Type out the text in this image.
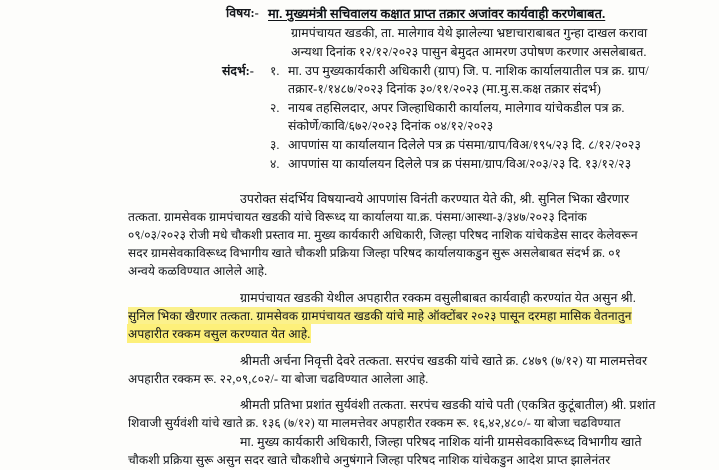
विषय:- मा. मुख्यमंत्री सचिवालय कक्षात प्राप्त तक्रार अजांवर कार्यवाही करणेबाबत.
ग्रामपंचायत खडकी, ता. मालेगाव येथे झालेल्या भ्रष्टाचाराबाबत गुन्हा दाखल करावा
अन्यथा दिनांक १२/१२/२०२३ पासुन बेमुदत आमरण उपोषण करणार असलेबाबत.
संदर्भ:- १. मा. उप मुख्यकार्यकारी अधिकारी (ग्राप) जि. प. नाशिक कार्यालयातील पत्र क्र. ग्राप/
तक्रार-१/१४८७/२०२३ दिनांक ३०/११/२०२३ (मा.मु.स.कक्ष तक्रार संदर्भ)
२. नायब तहसिलदार, अपर जिल्हाधिकारी कार्यालय, मालेगाव यांचेकडील पत्र क्र.
संकोर्णे/कावि/६७२/२०२३ दिनांक ०४/१२/२०२३
३. आपणांस या कार्यालयान दिलेले पत्र क्र पंसमा/ग्राप/विअ/१९५/२३ दि. ८/१२/२०२३
४. आपणांस या कार्यालयन दिलेले पत्र क्र पंसमा/ग्राप/विअ/२०३/२३ दि. १३/१२/२३
उपरोक्त संदर्भिय विषयान्वये आपणांस विनंती करण्यात येते की, श्री. सुनिल भिका खैरणार
तत्कता. ग्रामसेवक ग्रामपंचायत खडकी यांचे विरूध्द या कार्यालया या.क्र. पंसमा/आस्था-३/३४७/२०२३ दिनांक
०९/०३/२०२३ रोजी मधे चौकशी प्रस्ताव मा. मुख्य कार्यकारी अधिकारी, जिल्हा परिषद नाशिक यांचेकडेस सादर केलेवरून
सदर ग्रामसेवकाविरूध्द विभागीय खाते चौकशी प्रक्रिया जिल्हा परिषद कार्यालयाकडुन सुरू असलेबाबत संदर्भ क्र. ०१
अन्वये कळविण्यात आलेले आहे.
ग्रामपंचायत खडकी येथील अपहारीत रक्कम वसुलीबाबत कार्यवाही करण्यांत येत असुन श्री.
सुनिल भिका खैरणार तत्कता. ग्रामसेवक ग्रामपंचायत खडकी यांचे माहे ऑक्टोंबर २०२३ पासून दरमहा मासिक वेतनातुन
अपहारीत रक्कम वसुल करण्यात येत आहे.
श्रीमती अर्चना निवृत्ती देवरे तत्कता. सरपंच खडकी यांचे खाते क्र. ८४७९ (७/१२) या मालमत्तेवर
अपहारीत रक्कम रू. २२,०९,८०२/- या बोजा चढविण्यात आलेला आहे.
श्रीमती प्रतिभा प्रशांत सुर्यवंशी तत्कता. सरपंच खडकी यांचे पती (एकत्रित कुटूंबातील) श्री. प्रशांत
शिवाजी सुर्यवंशी यांचे खाते क्र. १३६ (७/१२) या मालमत्तेवर अपहारीत रक्कम रू. १६,४२,४८०/- या बोजा चढविण्यात
मा. मुख्य कार्यकारी अधिकारी, जिल्हा परिषद नाशिक यांनी ग्रामसेवकाविरूध्द विभागीय खाते
चौकशी प्रक्रिया सुरू असुन सदर खाते चौकशीचे अनुषंगाने जिल्हा परिषद नाशिक यांचेकडुन आदेश प्राप्त झालेनंतर
